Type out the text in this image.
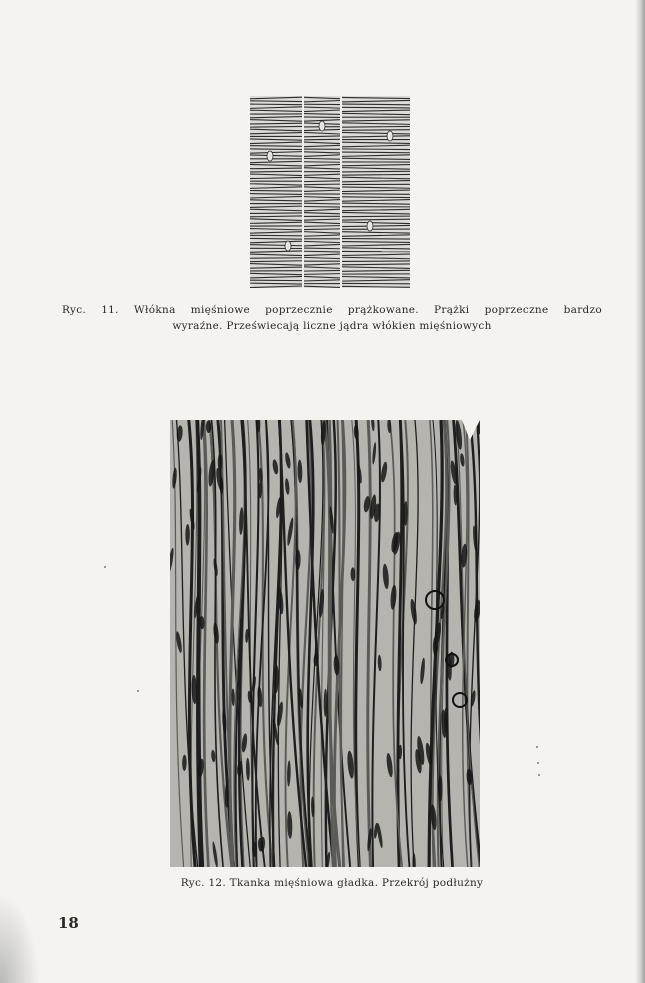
Ryc. 11. Włókna mięśniowe poprzecznie prążkowane. Prążki poprzeczne bardzo
wyraźne. Przeświecają liczne jądra włókien mięśniowych
Ryc. 12. Tkanka mięśniowa gładka. Przekrój podłużny
18
